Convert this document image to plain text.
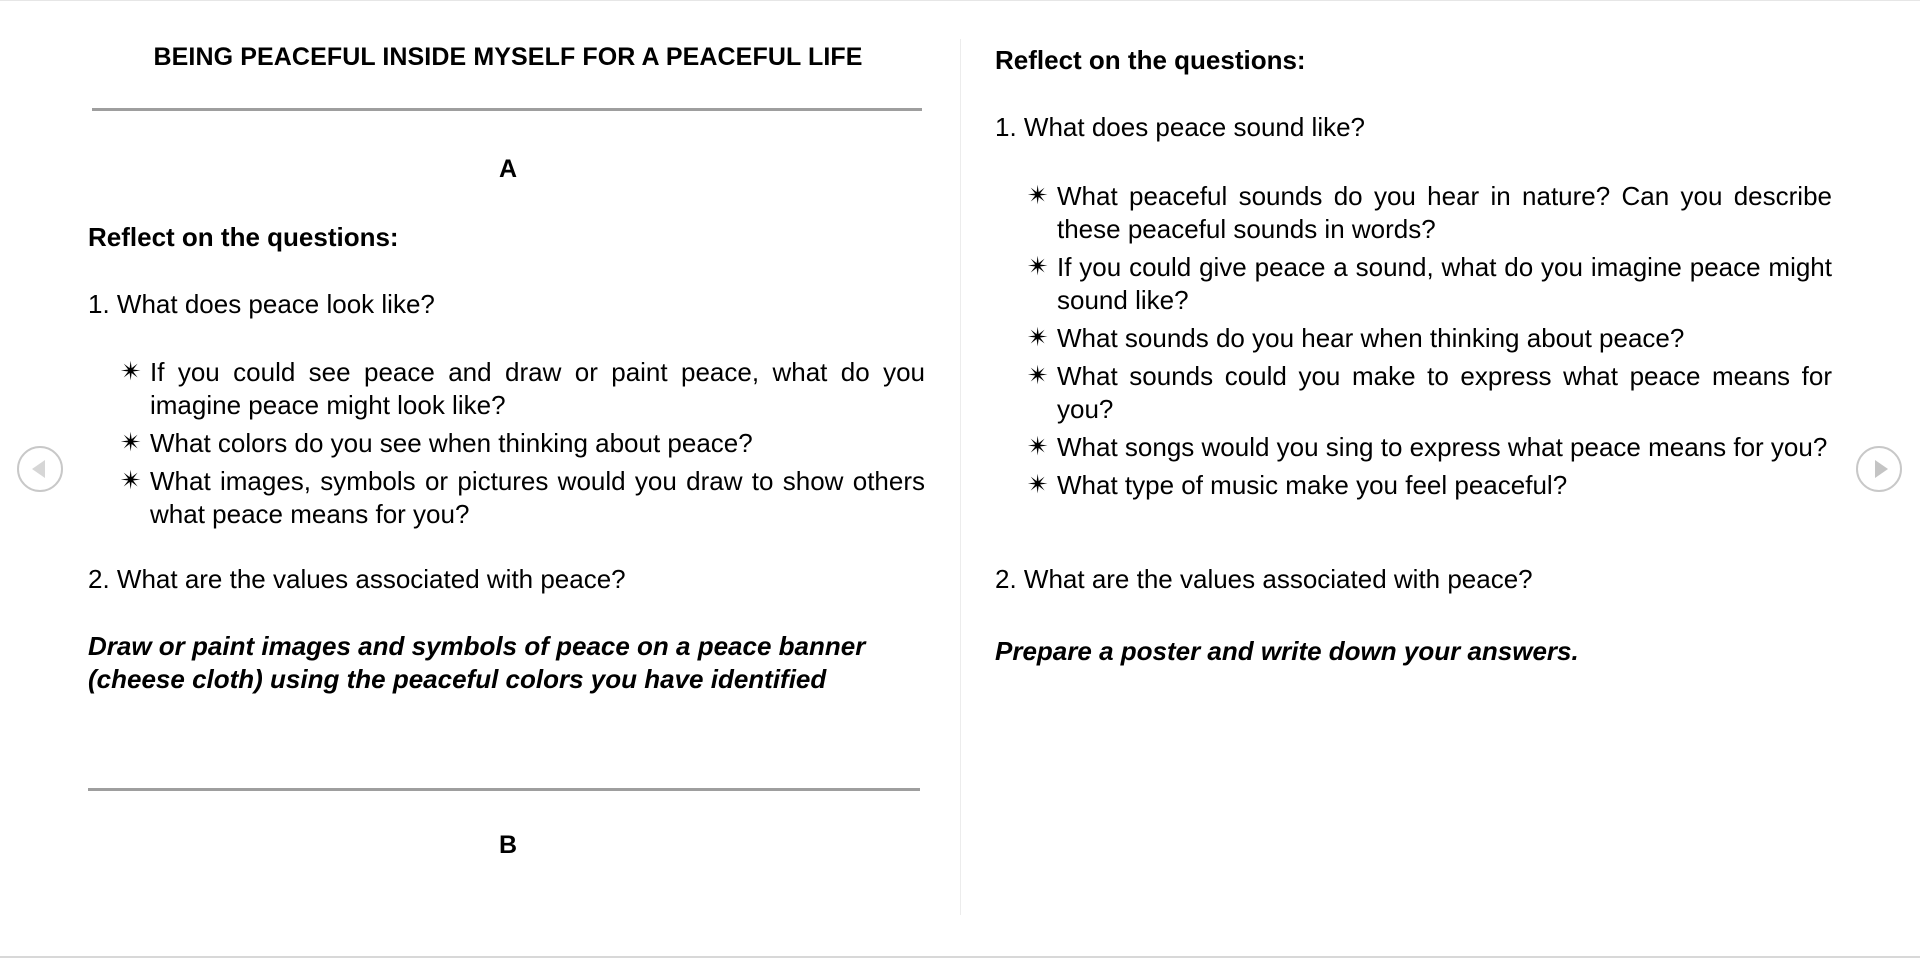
BEING PEACEFUL INSIDE MYSELF FOR A PEACEFUL LIFE
A
Reflect on the questions:
1. What does peace look like?
✴ If you could see peace and draw or paint peace, what do you imagine peace might look like?
✴ What colors do you see when thinking about peace?
✴ What images, symbols or pictures would you draw to show others what peace means for you?
2. What are the values associated with peace?
Draw or paint images and symbols of peace on a peace banner (cheese cloth) using the peaceful colors you have identified
B
Reflect on the questions:
1. What does peace sound like?
✴ What peaceful sounds do you hear in nature? Can you describe these peaceful sounds in words?
✴ If you could give peace a sound, what do you imagine peace might sound like?
✴ What sounds do you hear when thinking about peace?
✴ What sounds could you make to express what peace means for you?
✴ What songs would you sing to express what peace means for you?
✴ What type of music make you feel peaceful?
2. What are the values associated with peace?
Prepare a poster and write down your answers.
